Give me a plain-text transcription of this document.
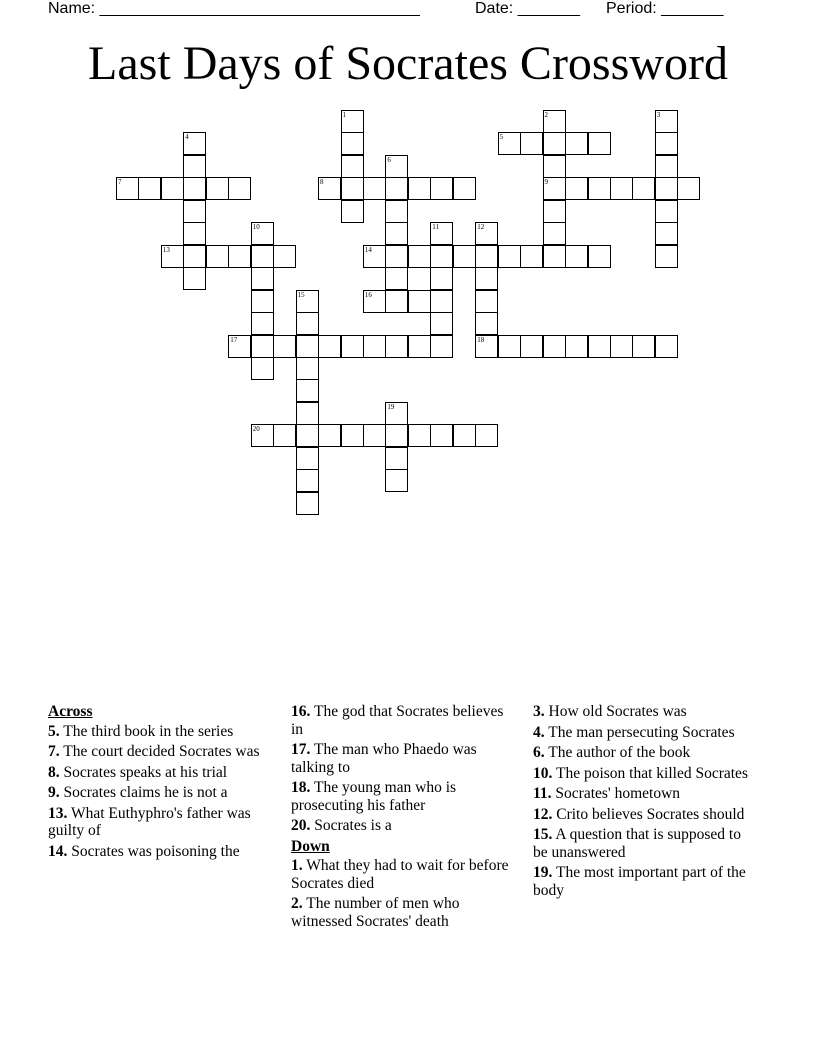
Name: ____________________________________	Date: _______ Period: _______
Last Days of Socrates Crossword
1	2
9
3
4	5
6
7	8
10	11	12
13	14
15	16
17	18
19
20
Across
5. The third book in the series
7. The court decided Socrates was
8. Socrates speaks at his trial
9. Socrates claims he is not a
13. What Euthyphro's father was guilty of
14. Socrates was poisoning the
16. The god that Socrates believes in
17. The man who Phaedo was talking to
18. The young man who is prosecuting his father
20. Socrates is a
Down
1. What they had to wait for before Socrates died
2. The number of men who witnessed Socrates' death
3. How old Socrates was
4. The man persecuting Socrates
6. The author of the book
10. The poison that killed Socrates
11. Socrates' hometown
12. Crito believes Socrates should
15. A question that is supposed to be unanswered
19. The most important part of the body
